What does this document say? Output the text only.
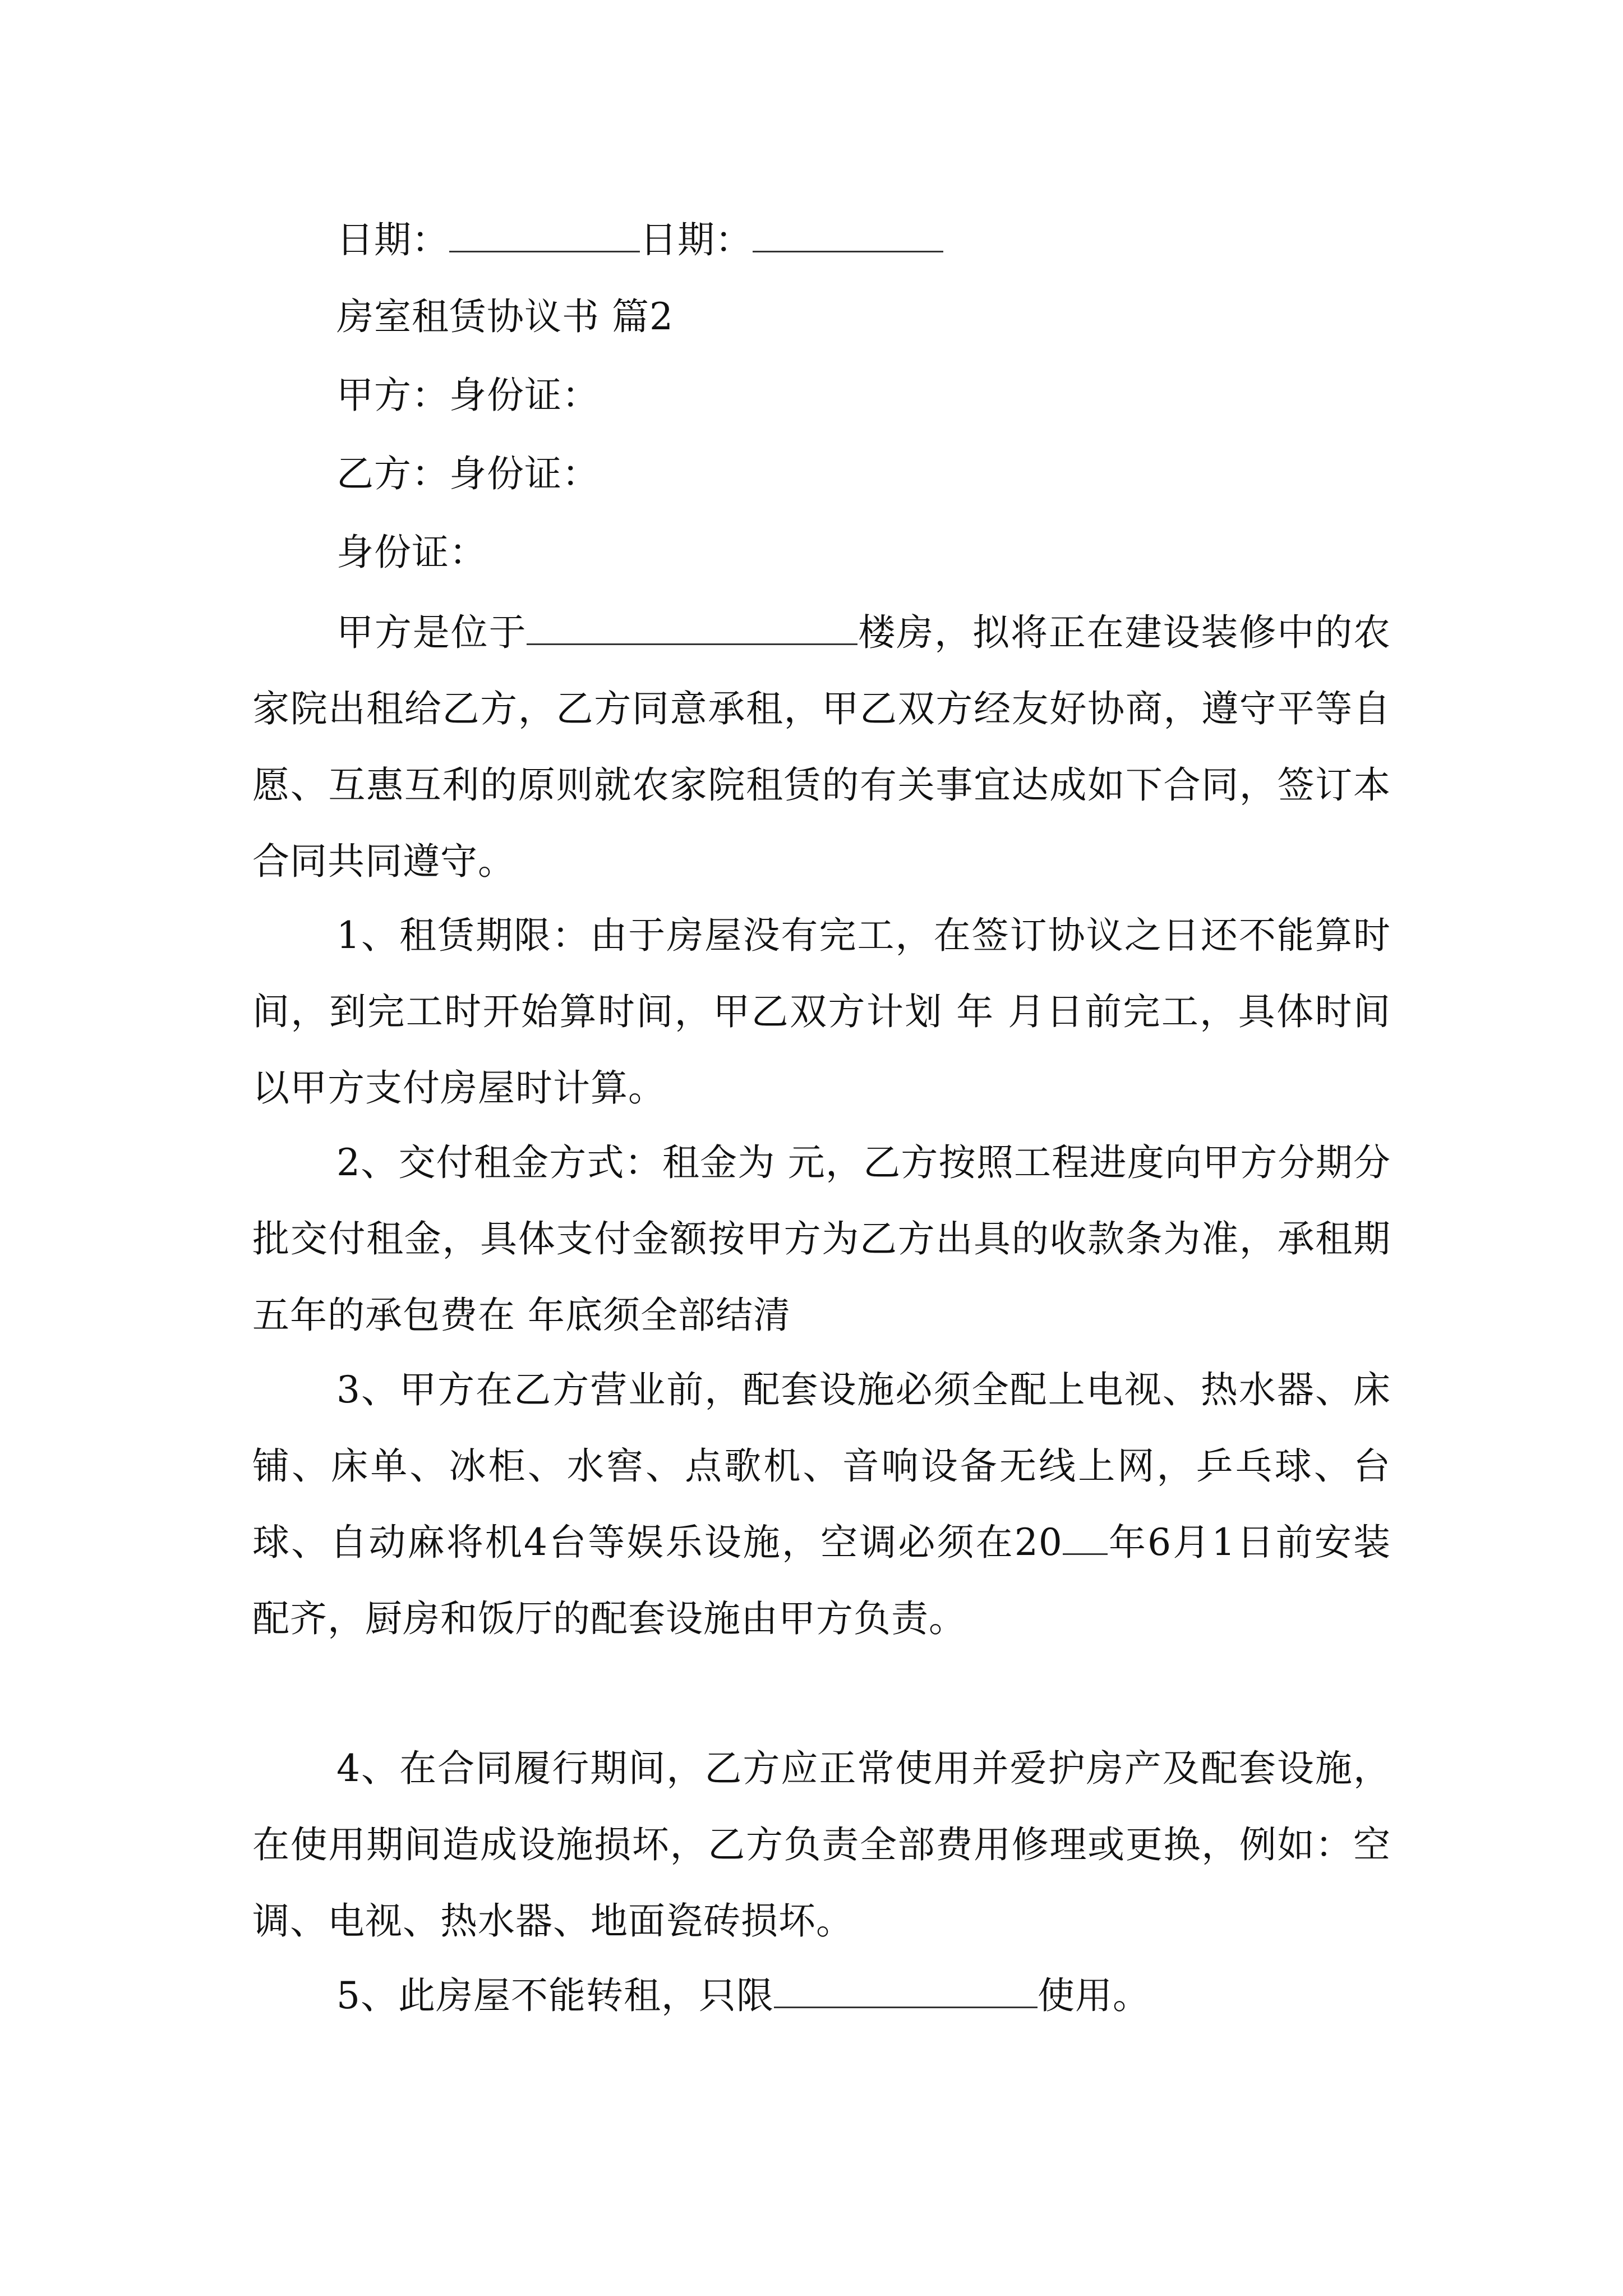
日期：	日期：
房室租赁协议书 篇2
甲方：身份证：
乙方：身份证：
身份证：
甲方是位于	楼房，拟将正在建设装修中的农家院出租给乙方，乙方同意承租，甲乙双方经友好协商，遵守平等自愿、互惠互利的原则就农家院租赁的有关事宜达成如下合同，签订本合同共同遵守。
1、租赁期限：由于房屋没有完工，在签订协议之日还不能算时间，到完工时开始算时间，甲乙双方计划 年 月日前完工，具体时间以甲方支付房屋时计算。
2、交付租金方式：租金为 元，乙方按照工程进度向甲方分期分批交付租金，具体支付金额按甲方为乙方出具的收款条为准，承租期五年的承包费在 年底须全部结清
3、甲方在乙方营业前，配套设施必须全配上电视、热水器、床铺、床单、冰柜、水窖、点歌机、音响设备无线上网，乒乓球、台球、自动麻将机4台等娱乐设施，空调必须在20 年6月1日前安装配齐，厨房和饭厅的配套设施由甲方负责。
4、在合同履行期间，乙方应正常使用并爱护房产及配套设施，在使用期间造成设施损坏，乙方负责全部费用修理或更换，例如：空调、电视、热水器、地面瓷砖损坏。
5、此房屋不能转租，只限	使用。
